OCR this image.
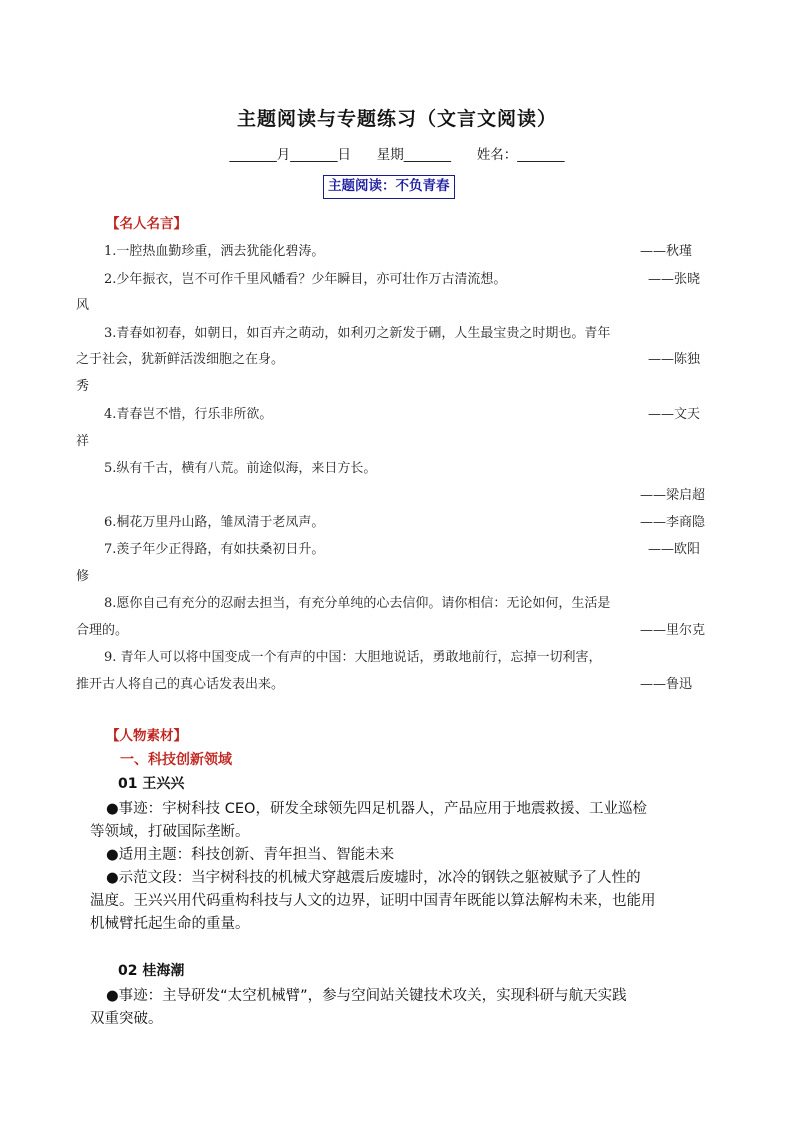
主题阅读与专题练习（文言文阅读）
_______月_______日 星期_______ 姓名：_______
主题阅读：不负青春
【名人名言】
1.一腔热血勤珍重，洒去犹能化碧涛。	——秋瑾
2.少年振衣，岂不可作千里风幡看？少年瞬目，亦可壮作万古清流想。	——张晓
风
3.青春如初春，如朝日，如百卉之萌动，如利刃之新发于硎，人生最宝贵之时期也。青年
之于社会，犹新鲜活泼细胞之在身。	——陈独
秀
4.青春岂不惜，行乐非所欲。	——文天
祥
5.纵有千古，横有八荒。前途似海，来日方长。
——梁启超
6.桐花万里丹山路，雏凤清于老凤声。	——李商隐
7.羡子年少正得路，有如扶桑初日升。	——欧阳
修
8.愿你自己有充分的忍耐去担当，有充分单纯的心去信仰。请你相信：无论如何，生活是
合理的。	——里尔克
9. 青年人可以将中国变成一个有声的中国：大胆地说话，勇敢地前行，忘掉一切利害，
推开古人将自己的真心话发表出来。	——鲁迅
【人物素材】
一、科技创新领域
01 王兴兴
●事迹：宇树科技 CEO，研发全球领先四足机器人，产品应用于地震救援、工业巡检
等领域，打破国际垄断。
●适用主题：科技创新、青年担当、智能未来
●示范文段：当宇树科技的机械犬穿越震后废墟时，冰冷的钢铁之躯被赋予了人性的
温度。王兴兴用代码重构科技与人文的边界，证明中国青年既能以算法解构未来，也能用
机械臂托起生命的重量。
02 桂海潮
●事迹：主导研发“太空机械臂”，参与空间站关键技术攻关，实现科研与航天实践
双重突破。
